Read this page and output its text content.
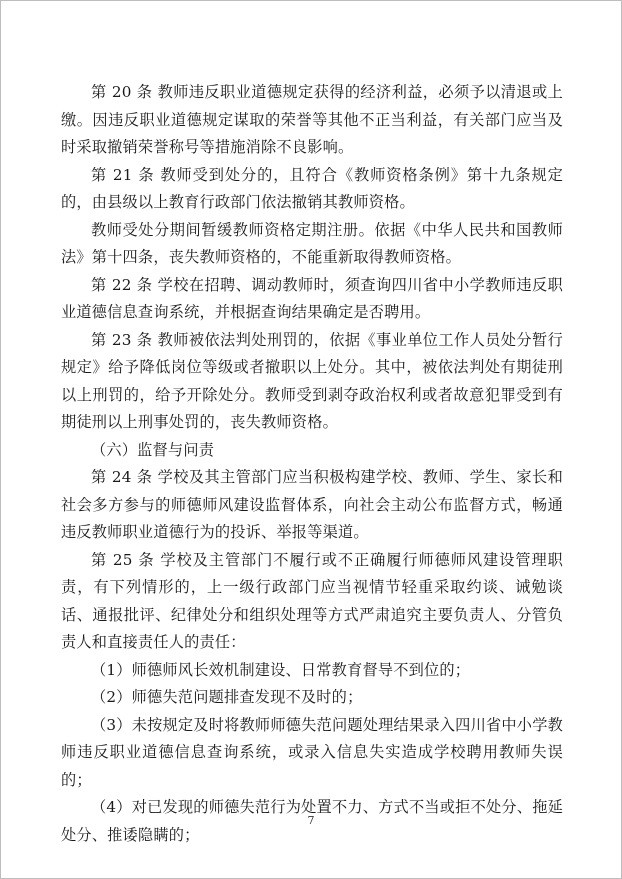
第 20 条 教师违反职业道德规定获得的经济利益，必须予以清退或上缴。因违反职业道德规定谋取的荣誉等其他不正当利益，有关部门应当及时采取撤销荣誉称号等措施消除不良影响。

第 21 条 教师受到处分的，且符合《教师资格条例》第十九条规定的，由县级以上教育行政部门依法撤销其教师资格。

教师受处分期间暂缓教师资格定期注册。依据《中华人民共和国教师法》第十四条，丧失教师资格的，不能重新取得教师资格。

第 22 条 学校在招聘、调动教师时，须查询四川省中小学教师违反职业道德信息查询系统，并根据查询结果确定是否聘用。

第 23 条 教师被依法判处刑罚的，依据《事业单位工作人员处分暂行规定》给予降低岗位等级或者撤职以上处分。其中，被依法判处有期徒刑以上刑罚的，给予开除处分。教师受到剥夺政治权利或者故意犯罪受到有期徒刑以上刑事处罚的，丧失教师资格。

（六）监督与问责

第 24 条 学校及其主管部门应当积极构建学校、教师、学生、家长和社会多方参与的师德师风建设监督体系，向社会主动公布监督方式，畅通违反教师职业道德行为的投诉、举报等渠道。

第 25 条 学校及主管部门不履行或不正确履行师德师风建设管理职责，有下列情形的，上一级行政部门应当视情节轻重采取约谈、诫勉谈话、通报批评、纪律处分和组织处理等方式严肃追究主要负责人、分管负责人和直接责任人的责任：

（1）师德师风长效机制建设、日常教育督导不到位的；

（2）师德失范问题排查发现不及时的；

（3）未按规定及时将教师师德失范问题处理结果录入四川省中小学教师违反职业道德信息查询系统，或录入信息失实造成学校聘用教师失误的；

（4）对已发现的师德失范行为处置不力、方式不当或拒不处分、拖延处分、推诿隐瞒的；

7
